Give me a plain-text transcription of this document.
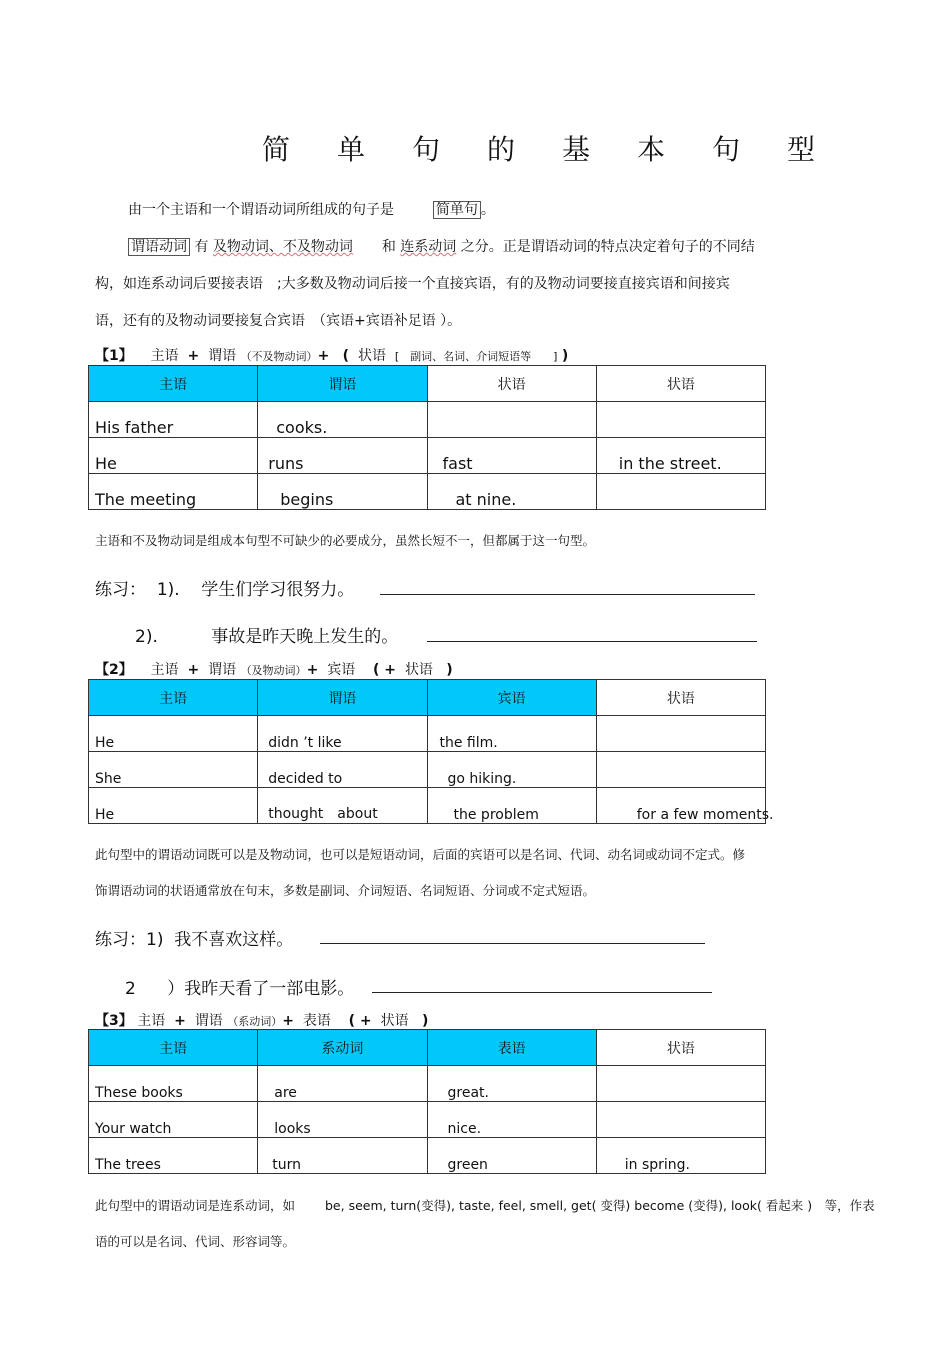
简 单 句 的 基 本 句 型
由一个主语和一个谓语动词所组成的句子是	简单句 。
谓语动词 有 及物动词、不及物动词 和 连系动词 之分。正是谓语动词的特点决定着句子的不同结
构，如连系动词后要接表语　;大多数及物动词后接一个直接宾语，有的及物动词要接直接宾语和间接宾
语，还有的及物动词要接复合宾语　（宾语+宾语补足语 ）。
【1】 主语 + 谓语 （不及物动词）+ ( 状语 [　副词、名词、介词短语等　　] )
主语	谓语	状语	状语
His father	cooks.		
He	runs	fast	in the street.
The meeting	begins	at nine.	
主语和不及物动词是组成本句型不可缺少的必要成分，虽然长短不一，但都属于这一句型。
练习： 1). 学生们学习很努力。
2).	事故是昨天晚上发生的。
【2】 主语 + 谓语 （及物动词）+ 宾语 ( + 状语 )
主语	谓语	宾语	状语
He	didn ’t like	the film.	
She	decided to	go hiking.	
He	thought　about	the problem	for a few moments.
此句型中的谓语动词既可以是及物动词，也可以是短语动词，后面的宾语可以是名词、代词、动名词或动词不定式。修
饰谓语动词的状语通常放在句末，多数是副词、介词短语、名词短语、分词或不定式短语。
练习：1) 我不喜欢这样。
2 ）我昨天看了一部电影。
【3】 主语 + 谓语 （系动词）+ 表语 ( + 状语 )
主语	系动词	表语	状语
These books	are	great.	
Your watch	looks	nice.	
The trees	turn	green	in spring.
此句型中的谓语动词是连系动词，如 be, seem, turn(变得), taste, feel, smell, get( 变得) become (变得), look( 看起来 )　等，作表
语的可以是名词、代词、形容词等。
